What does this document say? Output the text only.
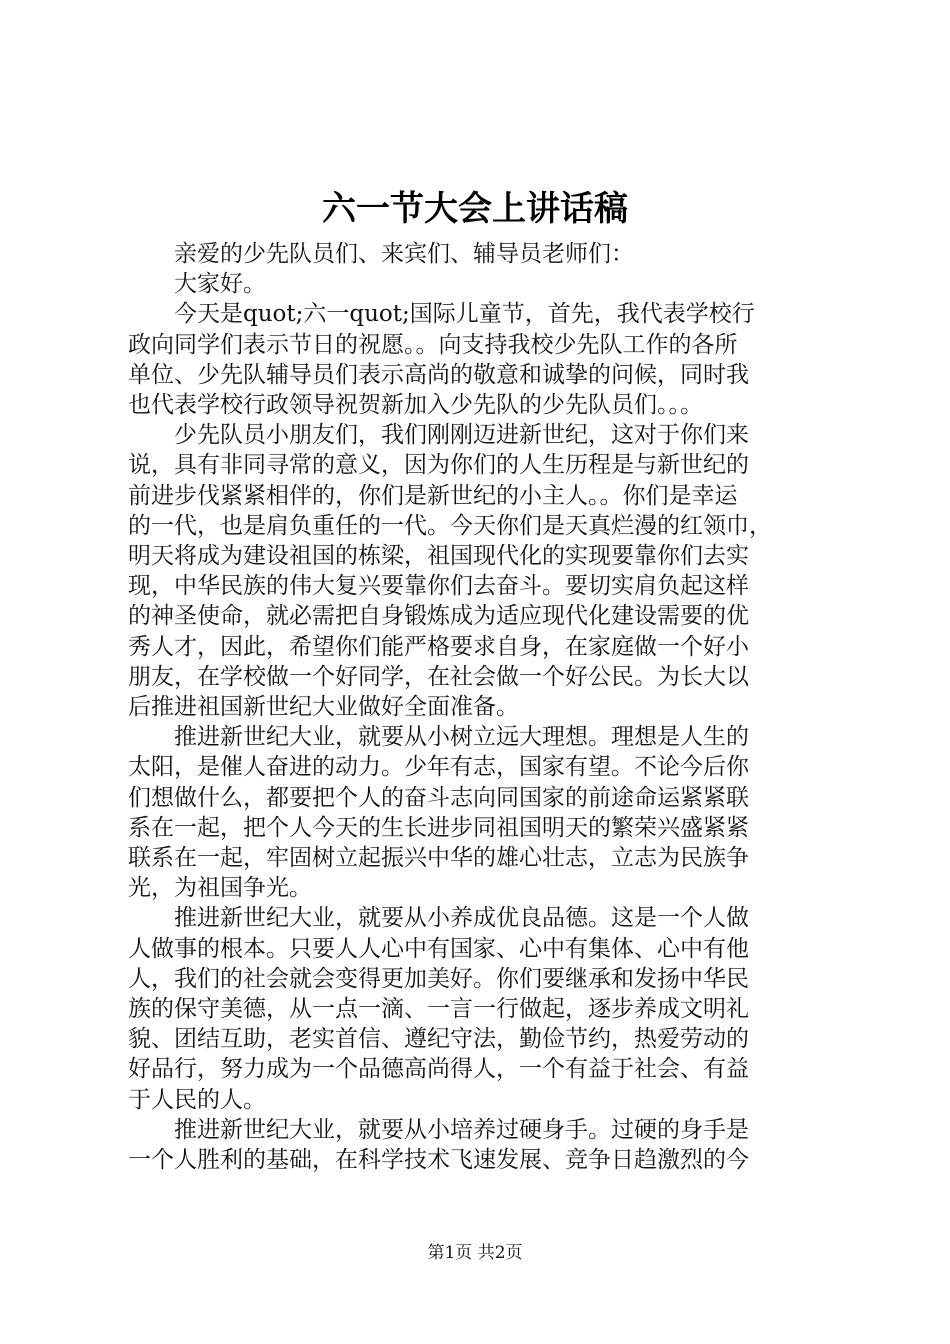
六一节大会上讲话稿

　　亲爱的少先队员们、来宾们、辅导员老师们：

　　大家好。

　　今天是quot;六一quot;国际儿童节，首先，我代表学校行

政向同学们表示节日的祝愿。。向支持我校少先队工作的各所

单位、少先队辅导员们表示高尚的敬意和诚挚的问候，同时我

也代表学校行政领导祝贺新加入少先队的少先队员们。。。

　　少先队员小朋友们，我们刚刚迈进新世纪，这对于你们来

说，具有非同寻常的意义，因为你们的人生历程是与新世纪的

前进步伐紧紧相伴的，你们是新世纪的小主人。。你们是幸运

的一代，也是肩负重任的一代。今天你们是天真烂漫的红领巾，

明天将成为建设祖国的栋梁，祖国现代化的实现要靠你们去实

现，中华民族的伟大复兴要靠你们去奋斗。要切实肩负起这样

的神圣使命，就必需把自身锻炼成为适应现代化建设需要的优

秀人才，因此，希望你们能严格要求自身，在家庭做一个好小

朋友，在学校做一个好同学，在社会做一个好公民。为长大以

后推进祖国新世纪大业做好全面准备。

　　推进新世纪大业，就要从小树立远大理想。理想是人生的

太阳，是催人奋进的动力。少年有志，国家有望。不论今后你

们想做什么，都要把个人的奋斗志向同国家的前途命运紧紧联

系在一起，把个人今天的生长进步同祖国明天的繁荣兴盛紧紧

联系在一起，牢固树立起振兴中华的雄心壮志，立志为民族争

光，为祖国争光。

　　推进新世纪大业，就要从小养成优良品德。这是一个人做

人做事的根本。只要人人心中有国家、心中有集体、心中有他

人，我们的社会就会变得更加美好。你们要继承和发扬中华民

族的保守美德，从一点一滴、一言一行做起，逐步养成文明礼

貌、团结互助，老实首信、遵纪守法，勤俭节约，热爱劳动的

好品行，努力成为一个品德高尚得人，一个有益于社会、有益

于人民的人。

　　推进新世纪大业，就要从小培养过硬身手。过硬的身手是

一个人胜利的基础，在科学技术飞速发展、竞争日趋激烈的今

第1页 共2页
